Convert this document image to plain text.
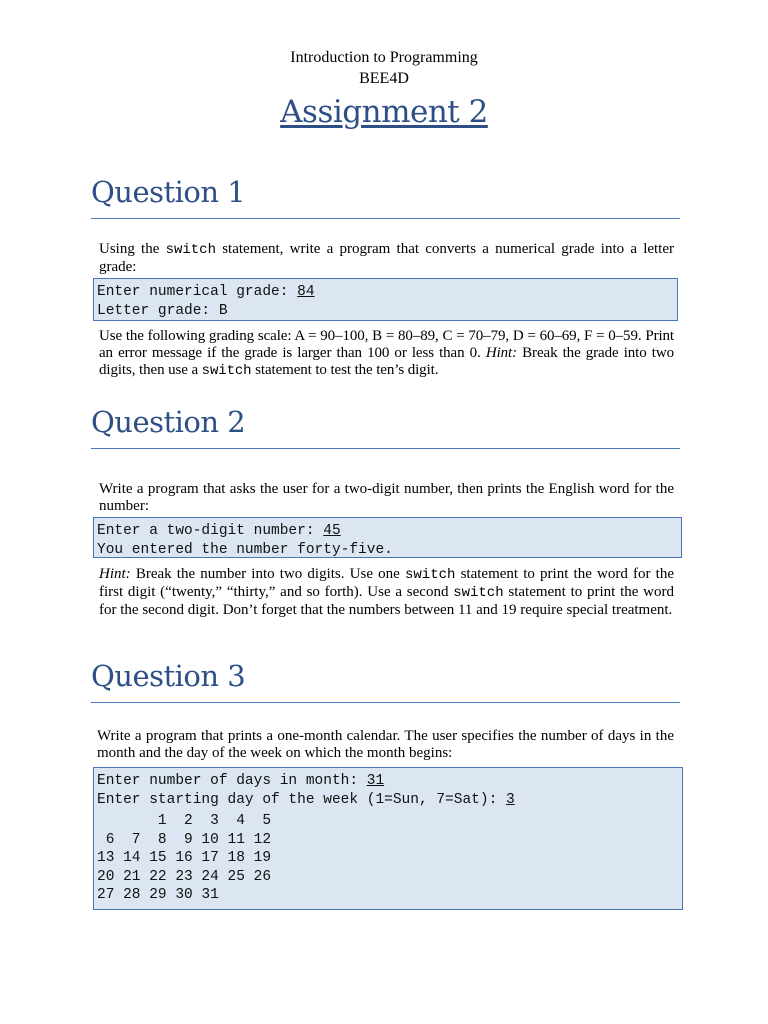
Introduction to Programming
BEE4D
Assignment 2
Question 1
Using the switch statement, write a program that converts a numerical grade into a letter grade:
Enter numerical grade: 84
Letter grade: B
Use the following grading scale: A = 90–100, B = 80–89, C = 70–79, D = 60–69, F = 0–59. Print an error message if the grade is larger than 100 or less than 0. Hint: Break the grade into two digits, then use a switch statement to test the ten’s digit.
Question 2
Write a program that asks the user for a two-digit number, then prints the English word for the number:
Enter a two-digit number: 45
You entered the number forty-five.
Hint: Break the number into two digits. Use one switch statement to print the word for the first digit (“twenty,” “thirty,” and so forth). Use a second switch statement to print the word for the second digit. Don’t forget that the numbers between 11 and 19 require special treatment.
Question 3
Write a program that prints a one-month calendar. The user specifies the number of days in the month and the day of the week on which the month begins:
Enter number of days in month: 31
Enter starting day of the week (1=Sun, 7=Sat): 3

1  2  3  4  5
6  7  8  9 10 11 12
13 14 15 16 17 18 19
20 21 22 23 24 25 26
27 28 29 30 31
